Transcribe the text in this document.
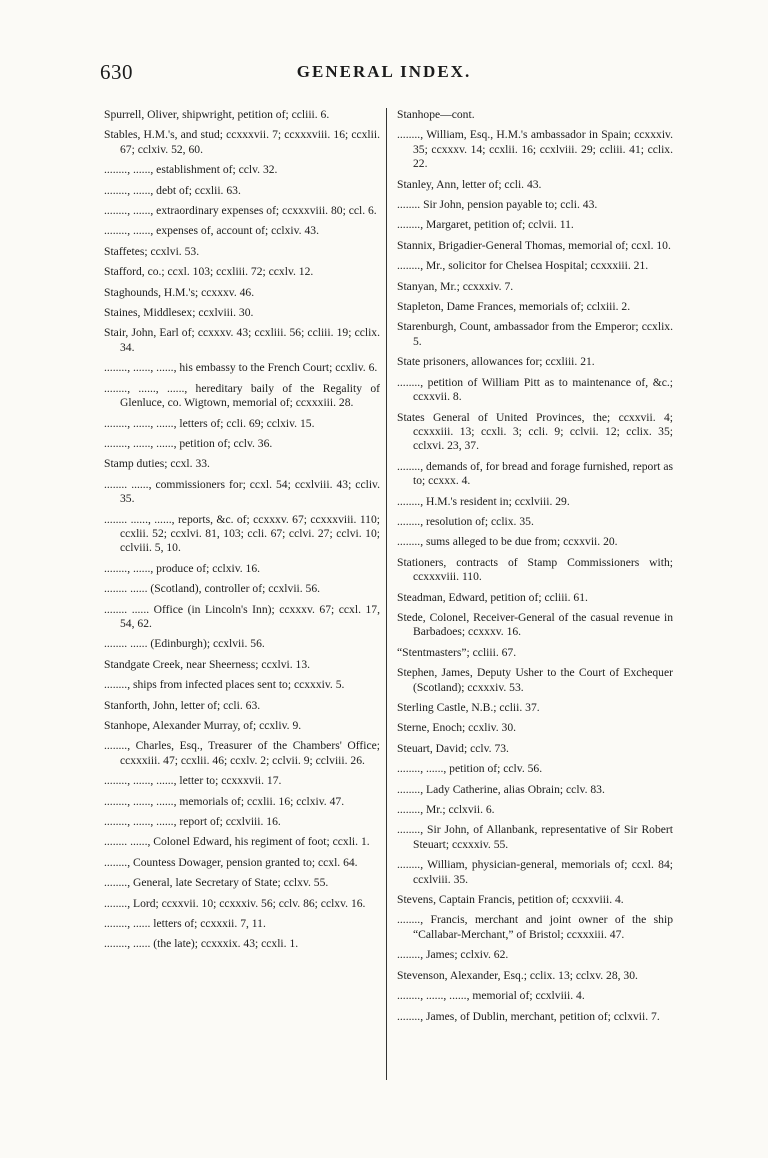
630	GENERAL INDEX.
Spurrell, Oliver, shipwright, petition of; ccliii. 6.
Stables, H.M.'s, and stud; ccxxxvii. 7; ccxxxviii. 16; ccxlii. 67; cclxiv. 52, 60.
........, ......, establishment of; cclv. 32.
........, ......, debt of; ccxlii. 63.
........, ......, extraordinary expenses of; ccxxxviii. 80; ccl. 6.
........, ......, expenses of, account of; cclxiv. 43.
Staffetes; ccxlvi. 53.
Stafford, co.; ccxl. 103; ccxliii. 72; ccxlv. 12.
Staghounds, H.M.'s; ccxxxv. 46.
Staines, Middlesex; ccxlviii. 30.
Stair, John, Earl of; ccxxxv. 43; ccxliii. 56; ccliii. 19; cclix. 34.
........, ......, ......, his embassy to the French Court; ccxliv. 6.
........, ......, ......, hereditary baily of the Regality of Glenluce, co. Wigtown, memorial of; ccxxxiii. 28.
........, ......, ......, letters of; ccli. 69; cclxiv. 15.
........, ......, ......, petition of; cclv. 36.
Stamp duties; ccxl. 33.
........ ......, commissioners for; ccxl. 54; ccxlviii. 43; ccliv. 35.
........ ......, ......, reports, &c. of; ccxxxv. 67; ccxxxviii. 110; ccxlii. 52; ccxlvi. 81, 103; ccli. 67; cclvi. 27; cclvi. 10; cclviii. 5, 10.
........, ......, produce of; cclxiv. 16.
........ ...... (Scotland), controller of; ccxlvii. 56.
........ ...... Office (in Lincoln's Inn); ccxxxv. 67; ccxl. 17, 54, 62.
........ ...... (Edinburgh); ccxlvii. 56.
Standgate Creek, near Sheerness; ccxlvi. 13.
........, ships from infected places sent to; ccxxxiv. 5.
Stanforth, John, letter of; ccli. 63.
Stanhope, Alexander Murray, of; ccxliv. 9.
........, Charles, Esq., Treasurer of the Chambers' Office; ccxxxiii. 47; ccxlii. 46; ccxlv. 2; cclvii. 9; cclviii. 26.
........, ......, ......, letter to; ccxxxvii. 17.
........, ......, ......, memorials of; ccxlii. 16; cclxiv. 47.
........, ......, ......, report of; ccxlviii. 16.
........ ......, Colonel Edward, his regiment of foot; ccxli. 1.
........, Countess Dowager, pension granted to; ccxl. 64.
........, General, late Secretary of State; cclxv. 55.
........, Lord; ccxxvii. 10; ccxxxiv. 56; cclv. 86; cclxv. 16.
........, ...... letters of; ccxxxii. 7, 11.
........, ...... (the late); ccxxxix. 43; ccxli. 1.
Stanhope—cont.
........, William, Esq., H.M.'s ambassador in Spain; ccxxxiv. 35; ccxxxv. 14; ccxlii. 16; ccxlviii. 29; ccliii. 41; cclix. 22.
Stanley, Ann, letter of; ccli. 43.
........ Sir John, pension payable to; ccli. 43.
........, Margaret, petition of; cclvii. 11.
Stannix, Brigadier-General Thomas, memorial of; ccxl. 10.
........, Mr., solicitor for Chelsea Hospital; ccxxxiii. 21.
Stanyan, Mr.; ccxxxiv. 7.
Stapleton, Dame Frances, memorials of; cclxiii. 2.
Starenburgh, Count, ambassador from the Emperor; ccxlix. 5.
State prisoners, allowances for; ccxliii. 21.
........, petition of William Pitt as to maintenance of, &c.; ccxxvii. 8.
States General of United Provinces, the; ccxxvii. 4; ccxxxiii. 13; ccxli. 3; ccli. 9; cclvii. 12; cclix. 35; cclxvi. 23, 37.
........, demands of, for bread and forage furnished, report as to; ccxxx. 4.
........, H.M.'s resident in; ccxlviii. 29.
........, resolution of; cclix. 35.
........, sums alleged to be due from; ccxxvii. 20.
Stationers, contracts of Stamp Commissioners with; ccxxxviii. 110.
Steadman, Edward, petition of; ccliii. 61.
Stede, Colonel, Receiver-General of the casual revenue in Barbadoes; ccxxxv. 16.
“Stentmasters”; ccliii. 67.
Stephen, James, Deputy Usher to the Court of Exchequer (Scotland); ccxxxiv. 53.
Sterling Castle, N.B.; cclii. 37.
Sterne, Enoch; ccxliv. 30.
Steuart, David; cclv. 73.
........, ......, petition of; cclv. 56.
........, Lady Catherine, alias Obrain; cclv. 83.
........, Mr.; cclxvii. 6.
........, Sir John, of Allanbank, representative of Sir Robert Steuart; ccxxxiv. 55.
........, William, physician-general, memorials of; ccxl. 84; ccxlviii. 35.
Stevens, Captain Francis, petition of; ccxxviii. 4.
........, Francis, merchant and joint owner of the ship “Callabar-Merchant,” of Bristol; ccxxxiii. 47.
........, James; cclxiv. 62.
Stevenson, Alexander, Esq.; cclix. 13; cclxv. 28, 30.
........, ......, ......, memorial of; ccxlviii. 4.
........, James, of Dublin, merchant, petition of; cclxvii. 7.
